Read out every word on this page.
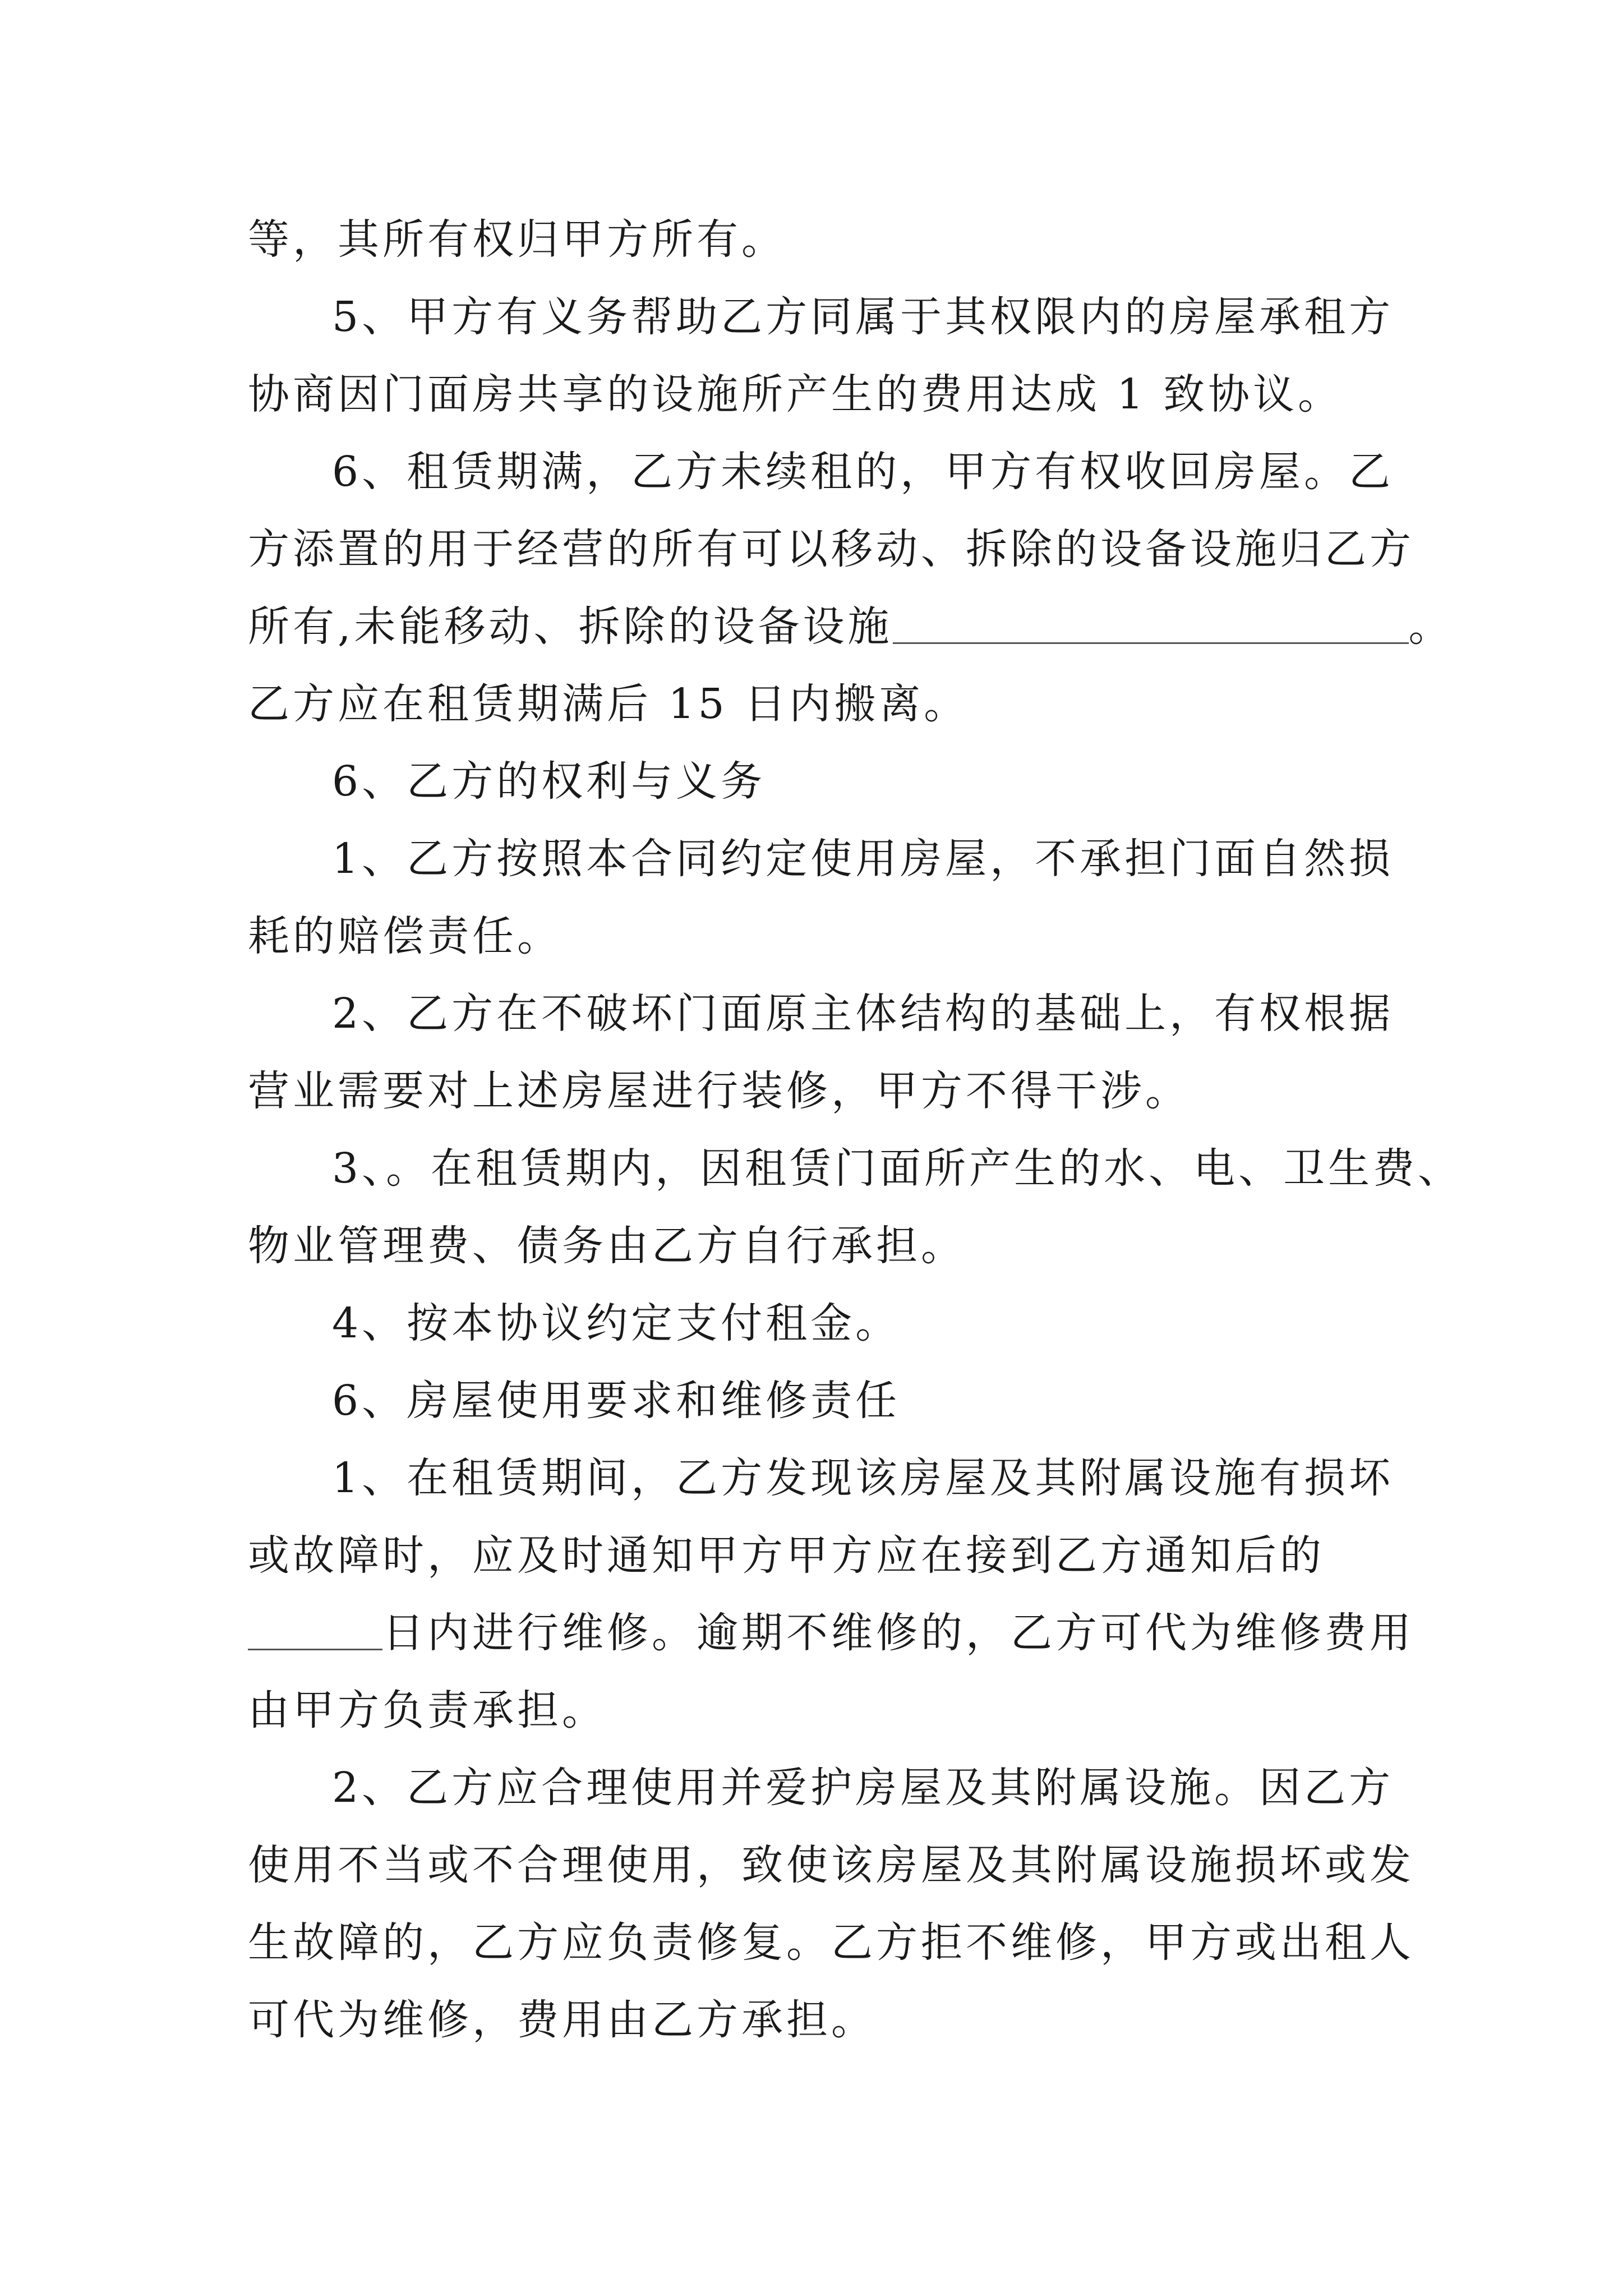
等，其所有权归甲方所有。
5、甲方有义务帮助乙方同属于其权限内的房屋承租方
协商因门面房共享的设施所产生的费用达成 1 致协议。
6、租赁期满，乙方未续租的，甲方有权收回房屋。乙
方添置的用于经营的所有可以移动、拆除的设备设施归乙方
所有,未能移动、拆除的设备设施	。
乙方应在租赁期满后 15 日内搬离。
6、乙方的权利与义务
1、乙方按照本合同约定使用房屋，不承担门面自然损
耗的赔偿责任。
2、乙方在不破坏门面原主体结构的基础上，有权根据
营业需要对上述房屋进行装修，甲方不得干涉。
3、。在租赁期内，因租赁门面所产生的水、电、卫生费、
物业管理费、债务由乙方自行承担。
4、按本协议约定支付租金。
6、房屋使用要求和维修责任
1、在租赁期间，乙方发现该房屋及其附属设施有损坏
或故障时，应及时通知甲方甲方应在接到乙方通知后的
日内进行维修。逾期不维修的，乙方可代为维修费用
由甲方负责承担。
2、乙方应合理使用并爱护房屋及其附属设施。因乙方
使用不当或不合理使用，致使该房屋及其附属设施损坏或发
生故障的，乙方应负责修复。乙方拒不维修，甲方或出租人
可代为维修，费用由乙方承担。
